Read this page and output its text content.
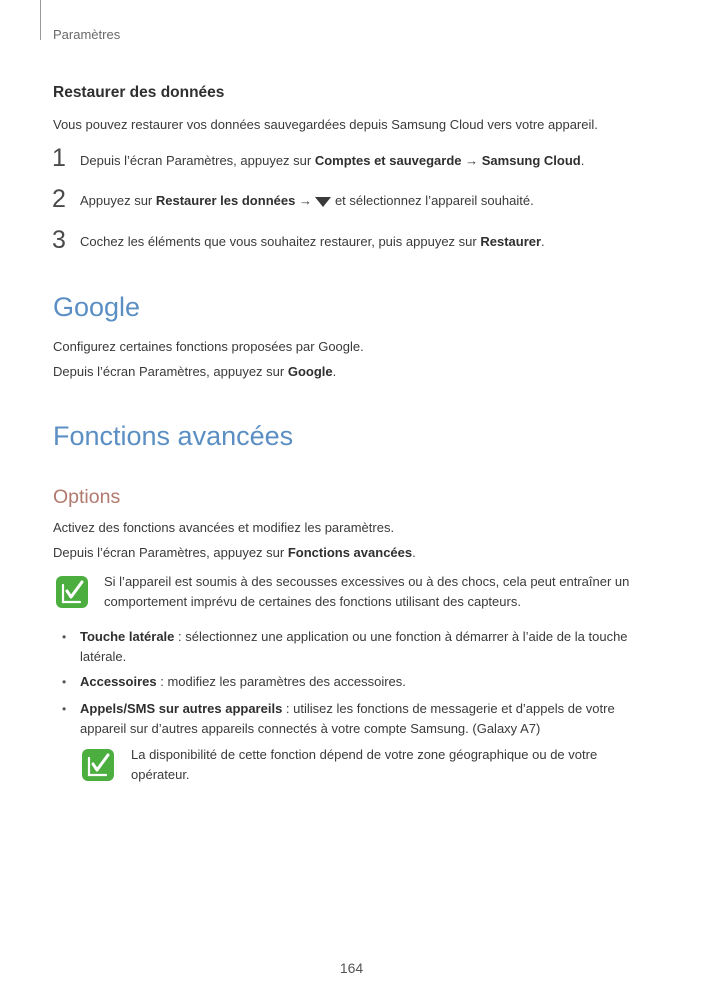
Paramètres
Restaurer des données
Vous pouvez restaurer vos données sauvegardées depuis Samsung Cloud vers votre appareil.
1 Depuis l’écran Paramètres, appuyez sur Comptes et sauvegarde → Samsung Cloud.
2 Appuyez sur Restaurer les données → et sélectionnez l’appareil souhaité.
3 Cochez les éléments que vous souhaitez restaurer, puis appuyez sur Restaurer.
Google
Configurez certaines fonctions proposées par Google.
Depuis l’écran Paramètres, appuyez sur Google.
Fonctions avancées
Options
Activez des fonctions avancées et modifiez les paramètres.
Depuis l’écran Paramètres, appuyez sur Fonctions avancées.
Si l’appareil est soumis à des secousses excessives ou à des chocs, cela peut entraîner un
comportement imprévu de certaines des fonctions utilisant des capteurs.
• Touche latérale : sélectionnez une application ou une fonction à démarrer à l’aide de la touche
latérale.
• Accessoires : modifiez les paramètres des accessoires.
• Appels/SMS sur autres appareils : utilisez les fonctions de messagerie et d’appels de votre
appareil sur d’autres appareils connectés à votre compte Samsung. (Galaxy A7)
La disponibilité de cette fonction dépend de votre zone géographique ou de votre
opérateur.
164
